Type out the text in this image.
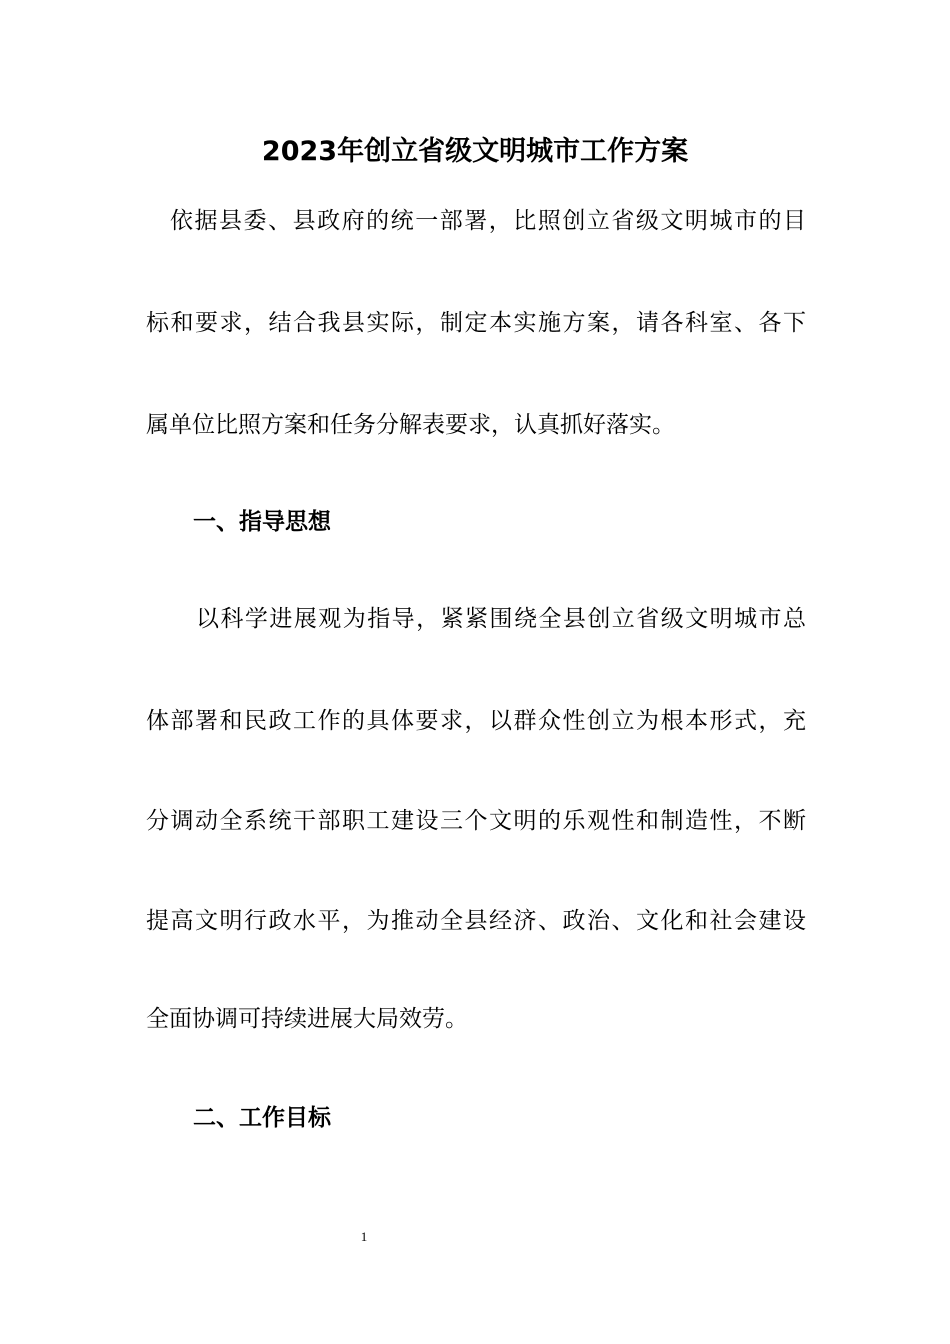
2023年创立省级文明城市工作方案

依据县委、县政府的统一部署，比照创立省级文明城市的目

标和要求，结合我县实际，制定本实施方案，请各科室、各下

属单位比照方案和任务分解表要求，认真抓好落实。

一、指导思想

以科学进展观为指导，紧紧围绕全县创立省级文明城市总

体部署和民政工作的具体要求，以群众性创立为根本形式，充

分调动全系统干部职工建设三个文明的乐观性和制造性，不断

提高文明行政水平，为推动全县经济、政治、文化和社会建设

全面协调可持续进展大局效劳。

二、工作目标
1
